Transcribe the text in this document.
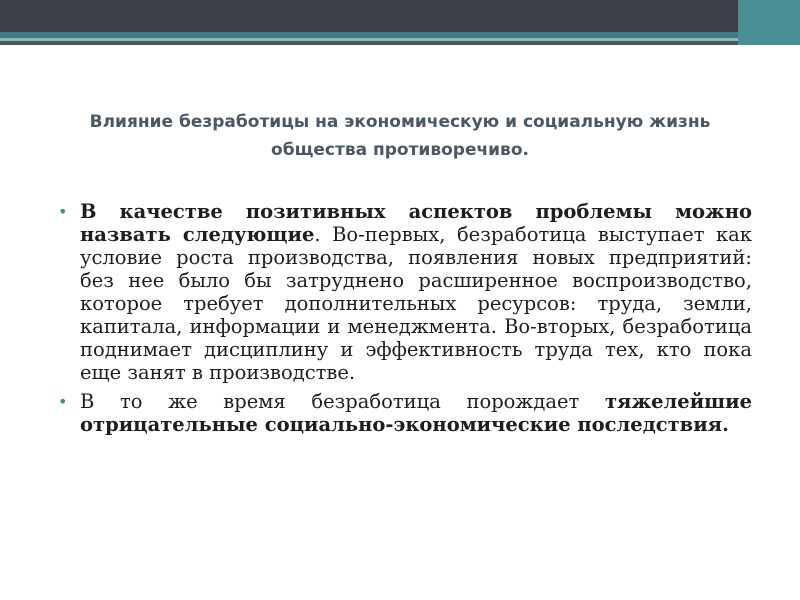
Влияние безработицы на экономическую и социальную жизнь общества противоречиво.
• В качестве позитивных аспектов проблемы можно назвать следующие. Во-первых, безработица выступает как условие роста производства, появления новых предприятий: без нее было бы затруднено расширенное воспроизводство, которое требует дополнительных ресурсов: труда, земли, капитала, информации и менеджмента. Во-вторых, безработица поднимает дисциплину и эффективность труда тех, кто пока еще занят в производстве.
• В то же время безработица порождает тяжелейшие отрицательные социально-экономические последствия.
